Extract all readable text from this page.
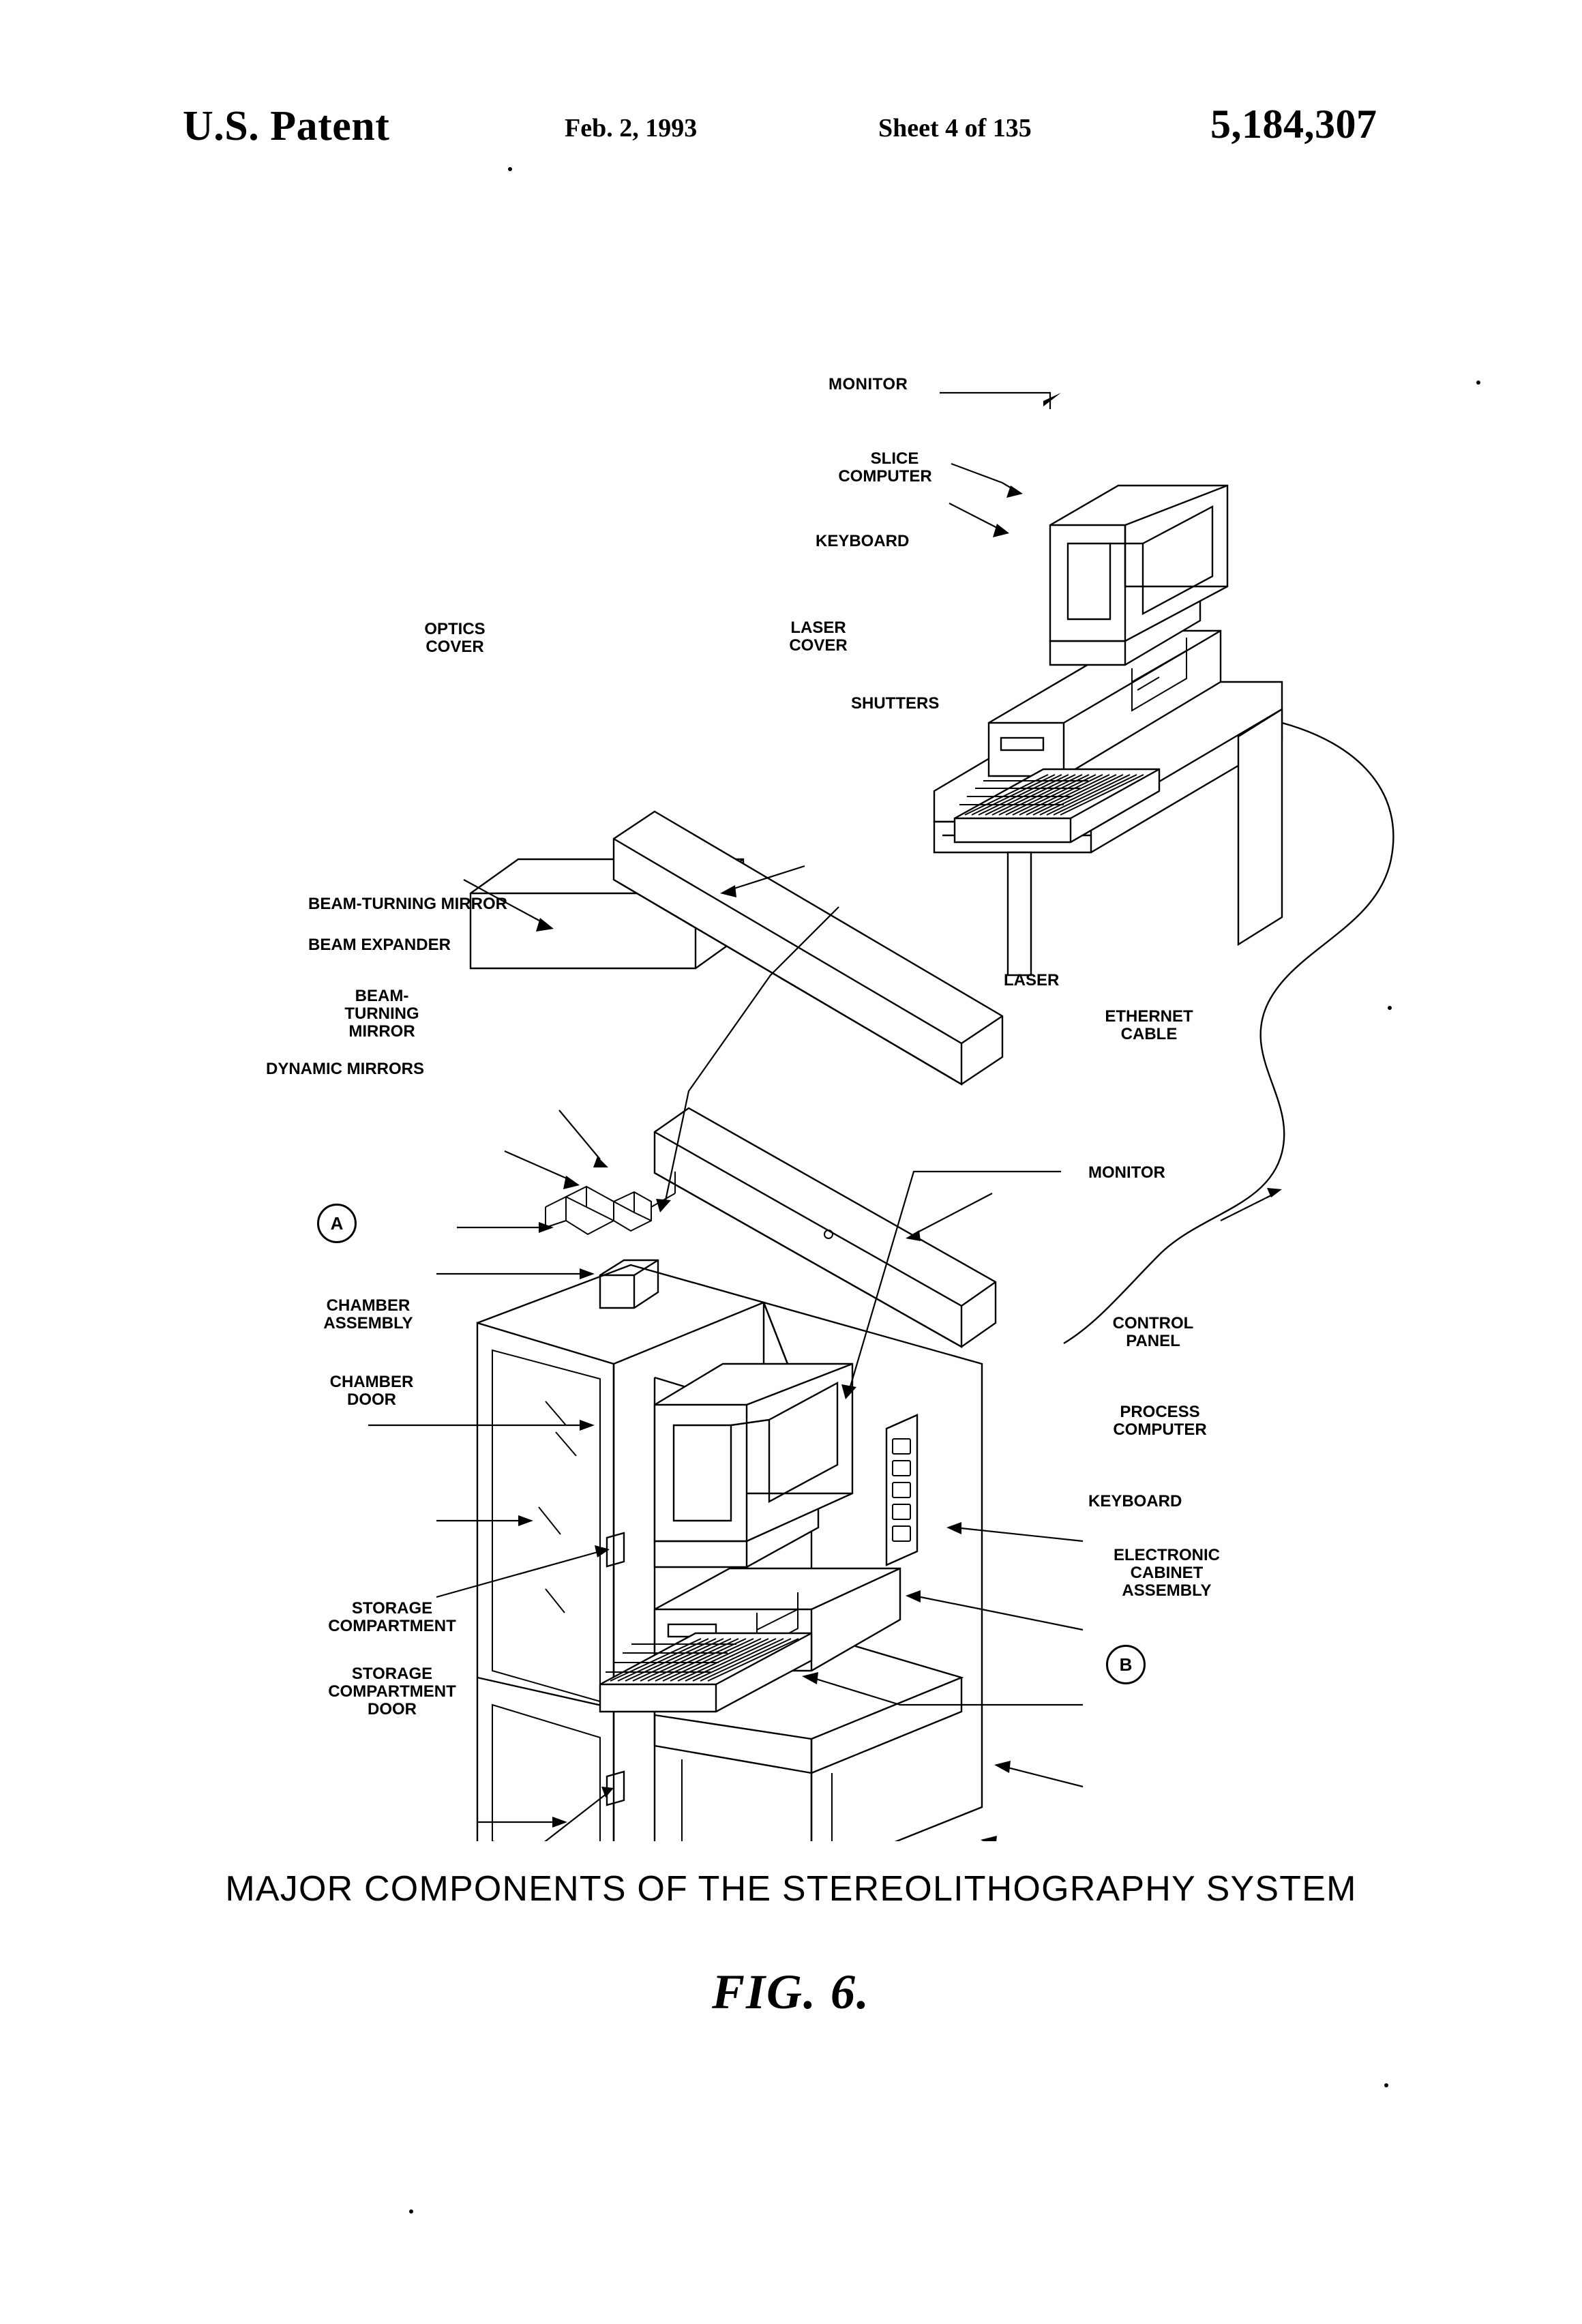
U.S. Patent	Feb. 2, 1993	Sheet 4 of 135	5,184,307
MONITOR
SLICE
COMPUTER
KEYBOARD
OPTICS
COVER
LASER
COVER
SHUTTERS
BEAM-TURNING MIRROR
BEAM EXPANDER
BEAM-
TURNING
MIRROR
DYNAMIC MIRRORS
LASER
ETHERNET
CABLE
A
CHAMBER
ASSEMBLY
CHAMBER
DOOR
STORAGE
COMPARTMENT
STORAGE
COMPARTMENT
DOOR
MONITOR
CONTROL
PANEL
PROCESS
COMPUTER
KEYBOARD
ELECTRONIC
CABINET
ASSEMBLY
B
MAJOR COMPONENTS OF THE STEREOLITHOGRAPHY SYSTEM
FIG. 6.
